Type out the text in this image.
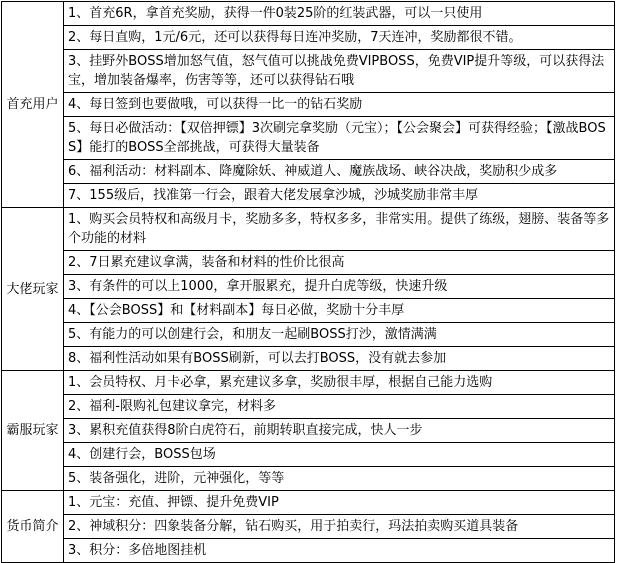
首充用户	1、首充6R，拿首充奖励，获得一件0装25阶的红装武器，可以一只使用
	2、每日直购，1元/6元，还可以获得每日连冲奖励，7天连冲，奖励都很不错。
	3、挂野外BOSS增加怒气值，怒气值可以挑战免费VIPBOSS，免费VIP提升等级，可以获得法宝，增加装备爆率，伤害等等，还可以获得钻石哦
	4、每日签到也要做哦，可以获得一比一的钻石奖励
	5、每日必做活动：【双倍押镖】3次刷完拿奖励（元宝）；【公会聚会】可获得经验；【激战BOSS】能打的BOSS全部挑战，可获得大量装备
	6、福利活动：材料副本、降魔除妖、神威道人、魔族战场、峡谷决战，奖励积少成多
	7、155级后，找准第一行会，跟着大佬发展拿沙城，沙城奖励非常丰厚
大佬玩家	1、购买会员特权和高级月卡，奖励多多，特权多多，非常实用。提供了练级，翅膀、装备等多个功能的材料
	2、7日累充建议拿满，装备和材料的性价比很高
	3、有条件的可以上1000，拿开服累充，提升白虎等级，快速升级
	4、【公会BOSS】和【材料副本】每日必做，奖励十分丰厚
	5、有能力的可以创建行会，和朋友一起刷BOSS打沙，激情满满
	8、福利性活动如果有BOSS刷新，可以去打BOSS，没有就去参加
霸服玩家	1、会员特权、月卡必拿，累充建议多拿，奖励很丰厚，根据自己能力选购
	2、福利-限购礼包建议拿完，材料多
	3、累积充值获得8阶白虎符石，前期转职直接完成，快人一步
	4、创建行会，BOSS包场
	5、装备强化，进阶，元神强化，等等
货币简介	1、元宝：充值、押镖、提升免费VIP
	2、神域积分：四象装备分解，钻石购买，用于拍卖行，玛法拍卖购买道具装备
	3、积分：多倍地图挂机
